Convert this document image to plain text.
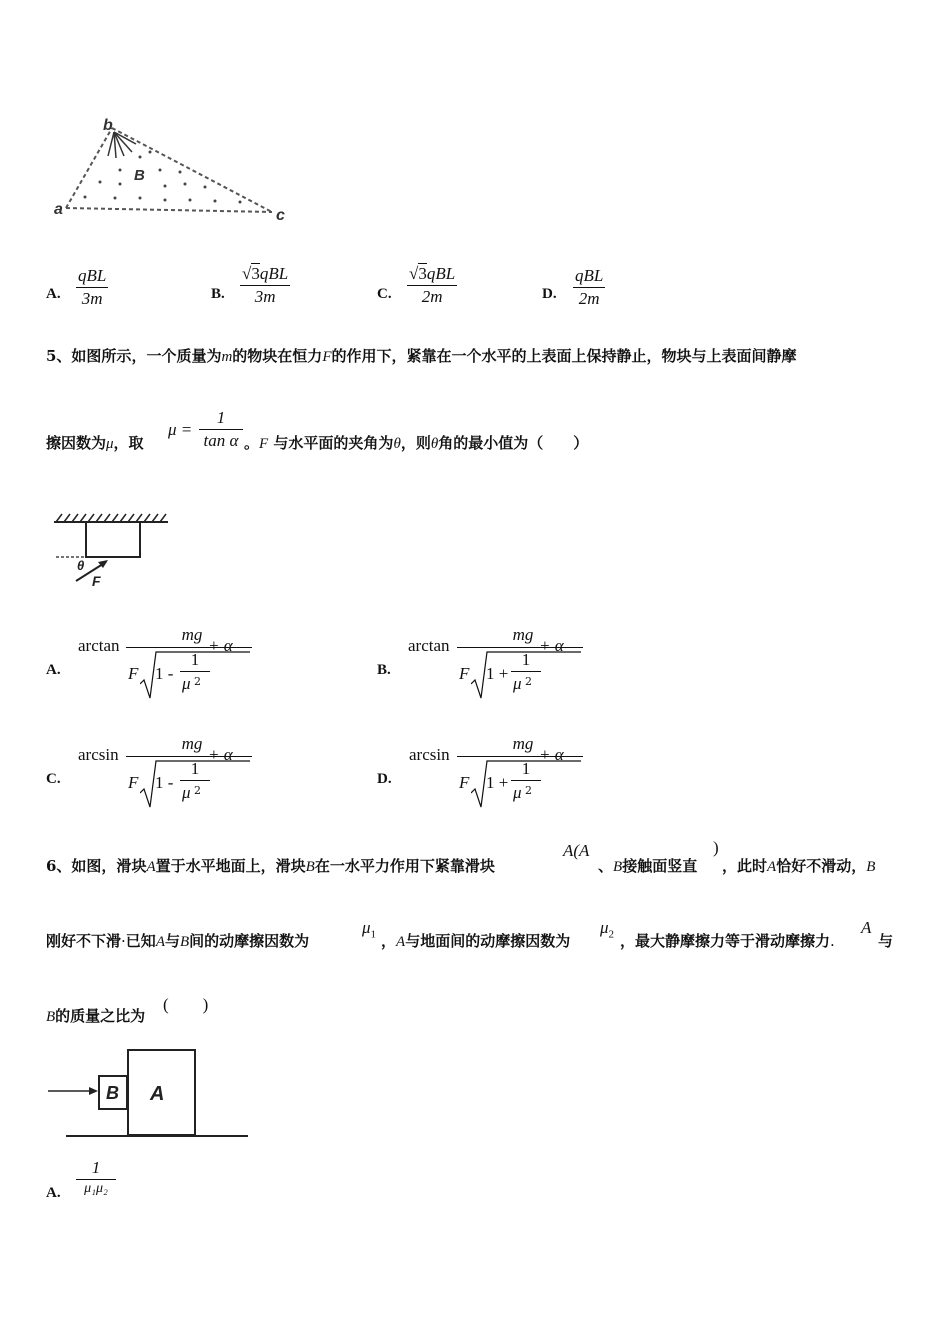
b
B
a	c
A.
qBL
3m	B.
√3qBL
3m	C.
√3qBL
2m	D.
qBL
2m
5、如图所示，一个质量为m的物块在恒力F的作用下，紧靠在一个水平的上表面上保持静止，物块与上表面间静摩
擦因数为μ，取
μ =
1
tan α 。F 与水平面的夹角为θ，则θ角的最小值为（　　）
θ
F
A.
arctan
mg
F 1 -
1
μ 2
+ α
B.
arctan
mg
F 1 +
1
μ 2
+ α
C.
arcsin
mg
F 1 -
1
μ 2
+ α
D.
arcsin
mg
F 1 +
1
μ 2
+ α
6、如图，滑块A置于水平地面上，滑块B在一水平力作用下紧靠滑块
A(A
、B接触面竖直
)
，此时A恰好不滑动，B
刚好不下滑·已知A与B间的动摩擦因数为
$\mu_1$ ，A与地面间的动摩擦因数为
$\mu_2$ ，最大静摩擦力等于滑动摩擦力.
A
与
B的质量之比为
(　　)
A
B
A.
1
μ₁μ₂
